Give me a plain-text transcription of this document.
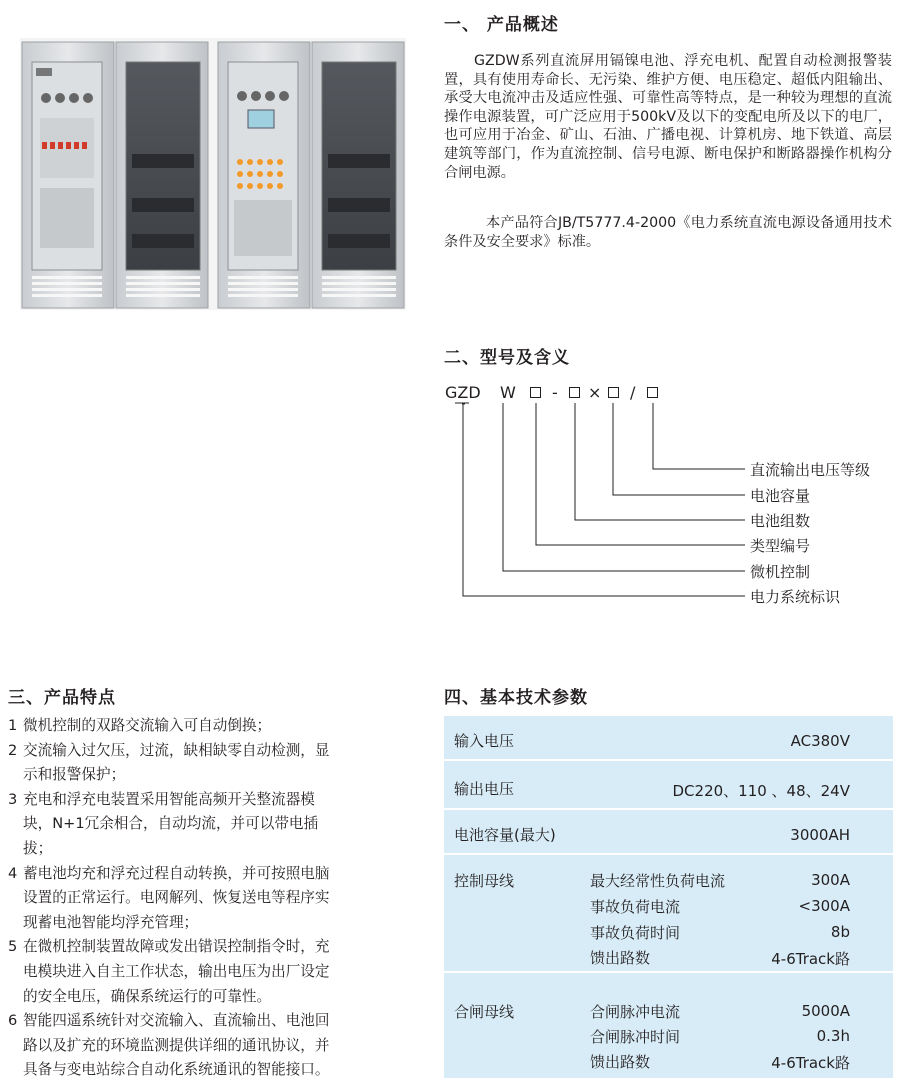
一、 产品概述
GZDW系列直流屏用镉镍电池、浮充电机、配置自动检测报警装置，具有使用寿命长、无污染、维护方便、电压稳定、超低内阻输出、承受大电流冲击及适应性强、可靠性高等特点，是一种较为理想的直流操作电源装置，可广泛应用于500kV及以下的变配电所及以下的电厂，也可应用于冶金、矿山、石油、广播电视、计算机房、地下铁道、高层建筑等部门，作为直流控制、信号电源、断电保护和断路器操作机构分合闸电源。
本产品符合JB/T5777.4-2000《电力系统直流电源设备通用技术条件及安全要求》标准。
二、型号及含义
GZD W - × /
直流输出电压等级
电池容量
电池组数
类型编号
微机控制
电力系统标识
三、产品特点
1 微机控制的双路交流输入可自动倒换；
2 交流输入过欠压，过流，缺相缺零自动检测，显
示和报警保护；
3 充电和浮充电装置采用智能高频开关整流器模
块，N+1冗余相合，自动均流，并可以带电插
拔；
4 蓄电池均充和浮充过程自动转换，并可按照电脑
设置的正常运行。电网解列、恢复送电等程序实
现蓄电池智能均浮充管理；
5 在微机控制装置故障或发出错误控制指令时，充
电模块进入自主工作状态，输出电压为出厂设定
的安全电压，确保系统运行的可靠性。
6 智能四遥系统针对交流输入、直流输出、电池回
路以及扩充的环境监测提供详细的通讯协议，并
具备与变电站综合自动化系统通讯的智能接口。
四、基本技术参数
输入电压	AC380V
输出电压	DC220、110 、48、24V
电池容量(最大)	3000AH
控制母线	最大经常性负荷电流	300A
事故负荷电流	<300A
事故负荷时间	8b
馈出路数	4-6Track路
合闸母线	合闸脉冲电流	5000A
合闸脉冲时间	0.3h
馈出路数	4-6Track路
